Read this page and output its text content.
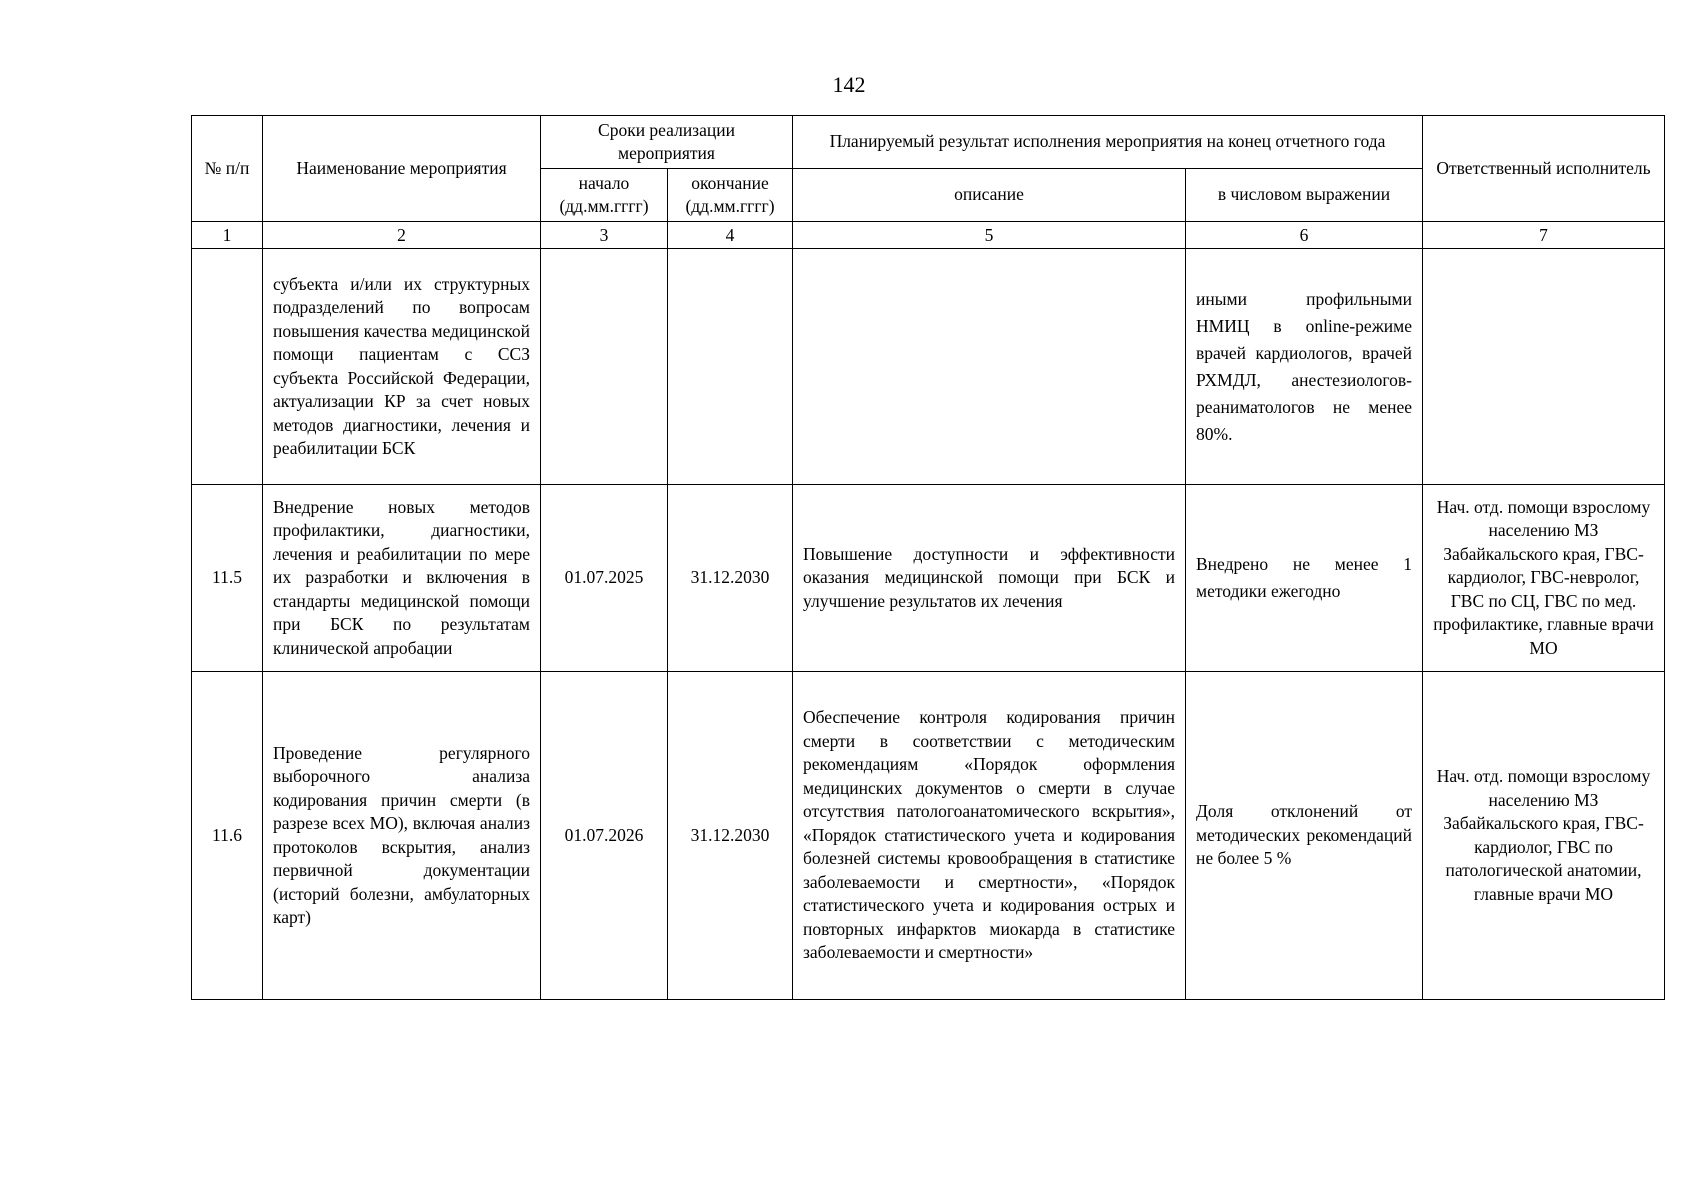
142
№ п/п	Наименование мероприятия	Сроки реализации мероприятия		Планируемый результат исполнения мероприятия на конец отчетного года		Ответственный исполнитель
		начало (дд.мм.гггг)	окончание (дд.мм.гггг)	описание	в числовом выражении	
1	2	3	4	5	6	7
	субъекта и/или их структурных подразделений по вопросам повышения качества медицинской помощи пациентам с ССЗ субъекта Российской Федерации, актуализации КР за счет новых методов диагностики, лечения и реабилитации БСК				иными профильными НМИЦ в online-режиме врачей кардиологов, врачей РХМДЛ, анестезиологов-реаниматологов не менее 80%.	
11.5	Внедрение новых методов профилактики, диагностики, лечения и реабилитации по мере их разработки и включения в стандарты медицинской помощи при БСК по результатам клинической апробации	01.07.2025	31.12.2030	Повышение доступности и эффективности оказания медицинской помощи при БСК и улучшение результатов их лечения	Внедрено не менее 1 методики ежегодно	Нач. отд. помощи взрослому населению МЗ Забайкальского края, ГВС-кардиолог, ГВС-невролог, ГВС по СЦ, ГВС по мед. профилактике, главные врачи МО
11.6	Проведение регулярного выборочного анализа кодирования причин смерти (в разрезе всех МО), включая анализ протоколов вскрытия, анализ первичной документации (историй болезни, амбулаторных карт)	01.07.2026	31.12.2030	Обеспечение контроля кодирования причин смерти в соответствии с методическим рекомендациям «Порядок оформления медицинских документов о смерти в случае отсутствия патологоанатомического вскрытия», «Порядок статистического учета и кодирования болезней системы кровообращения в статистике заболеваемости и смертности», «Порядок статистического учета и кодирования острых и повторных инфарктов миокарда в статистике заболеваемости и смертности»	Доля отклонений от методических рекомендаций не более 5 %	Нач. отд. помощи взрослому населению МЗ Забайкальского края, ГВС-кардиолог, ГВС по патологической анатомии, главные врачи МО
